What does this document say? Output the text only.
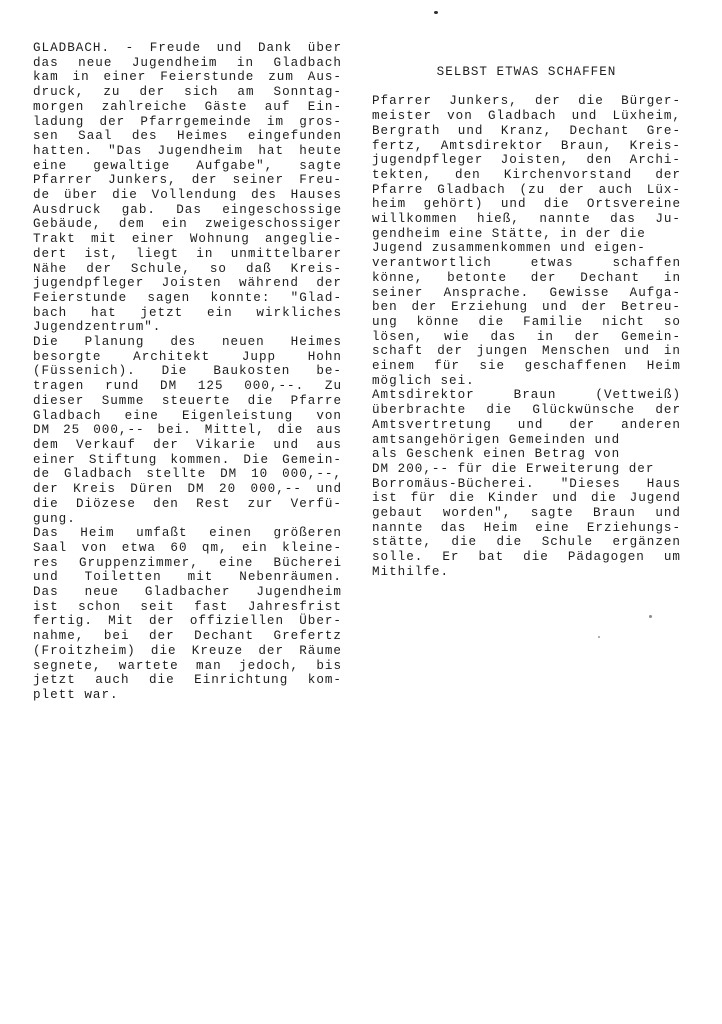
GLADBACH. - Freude und Dank über
das neue Jugendheim in Gladbach
kam in einer Feierstunde zum Aus-
druck, zu der sich am Sonntag-
morgen zahlreiche Gäste auf Ein-
ladung der Pfarrgemeinde im gros-
sen Saal des Heimes eingefunden
hatten. "Das Jugendheim hat heute
eine gewaltige Aufgabe", sagte
Pfarrer Junkers, der seiner Freu-
de über die Vollendung des Hauses
Ausdruck gab. Das eingeschossige
Gebäude, dem ein zweigeschossiger
Trakt mit einer Wohnung angeglie-
dert ist, liegt in unmittelbarer
Nähe der Schule, so daß Kreis-
jugendpfleger Joisten während der
Feierstunde sagen konnte: "Glad-
bach hat jetzt ein wirkliches
Jugendzentrum".
Die Planung des neuen Heimes
besorgte Architekt Jupp Hohn
(Füssenich). Die Baukosten be-
tragen rund DM 125 000,--. Zu
dieser Summe steuerte die Pfarre
Gladbach eine Eigenleistung von
DM 25 000,-- bei. Mittel, die aus
dem Verkauf der Vikarie und aus
einer Stiftung kommen. Die Gemein-
de Gladbach stellte DM 10 000,--,
der Kreis Düren DM 20 000,-- und
die Diözese den Rest zur Verfü-
gung.
Das Heim umfaßt einen größeren
Saal von etwa 60 qm, ein kleine-
res Gruppenzimmer, eine Bücherei
und Toiletten mit Nebenräumen.
Das neue Gladbacher Jugendheim
ist schon seit fast Jahresfrist
fertig. Mit der offiziellen Über-
nahme, bei der Dechant Grefertz
(Froitzheim) die Kreuze der Räume
segnete, wartete man jedoch, bis
jetzt auch die Einrichtung kom-
plett war.
SELBST ETWAS SCHAFFEN
Pfarrer Junkers, der die Bürger-
meister von Gladbach und Lüxheim,
Bergrath und Kranz, Dechant Gre-
fertz, Amtsdirektor Braun, Kreis-
jugendpfleger Joisten, den Archi-
tekten, den Kirchenvorstand der
Pfarre Gladbach (zu der auch Lüx-
heim gehört) und die Ortsvereine
willkommen hieß, nannte das Ju-
gendheim eine Stätte, in der die
Jugend zusammenkommen und eigen-
verantwortlich etwas schaffen
könne, betonte der Dechant in
seiner Ansprache. Gewisse Aufga-
ben der Erziehung und der Betreu-
ung könne die Familie nicht so
lösen, wie das in der Gemein-
schaft der jungen Menschen und in
einem für sie geschaffenen Heim
möglich sei.
Amtsdirektor Braun (Vettweiß)
überbrachte die Glückwünsche der
Amtsvertretung und der anderen
amtsangehörigen Gemeinden und
als Geschenk einen Betrag von
DM 200,-- für die Erweiterung der
Borromäus-Bücherei. "Dieses Haus
ist für die Kinder und die Jugend
gebaut worden", sagte Braun und
nannte das Heim eine Erziehungs-
stätte, die die Schule ergänzen
solle. Er bat die Pädagogen um
Mithilfe.
